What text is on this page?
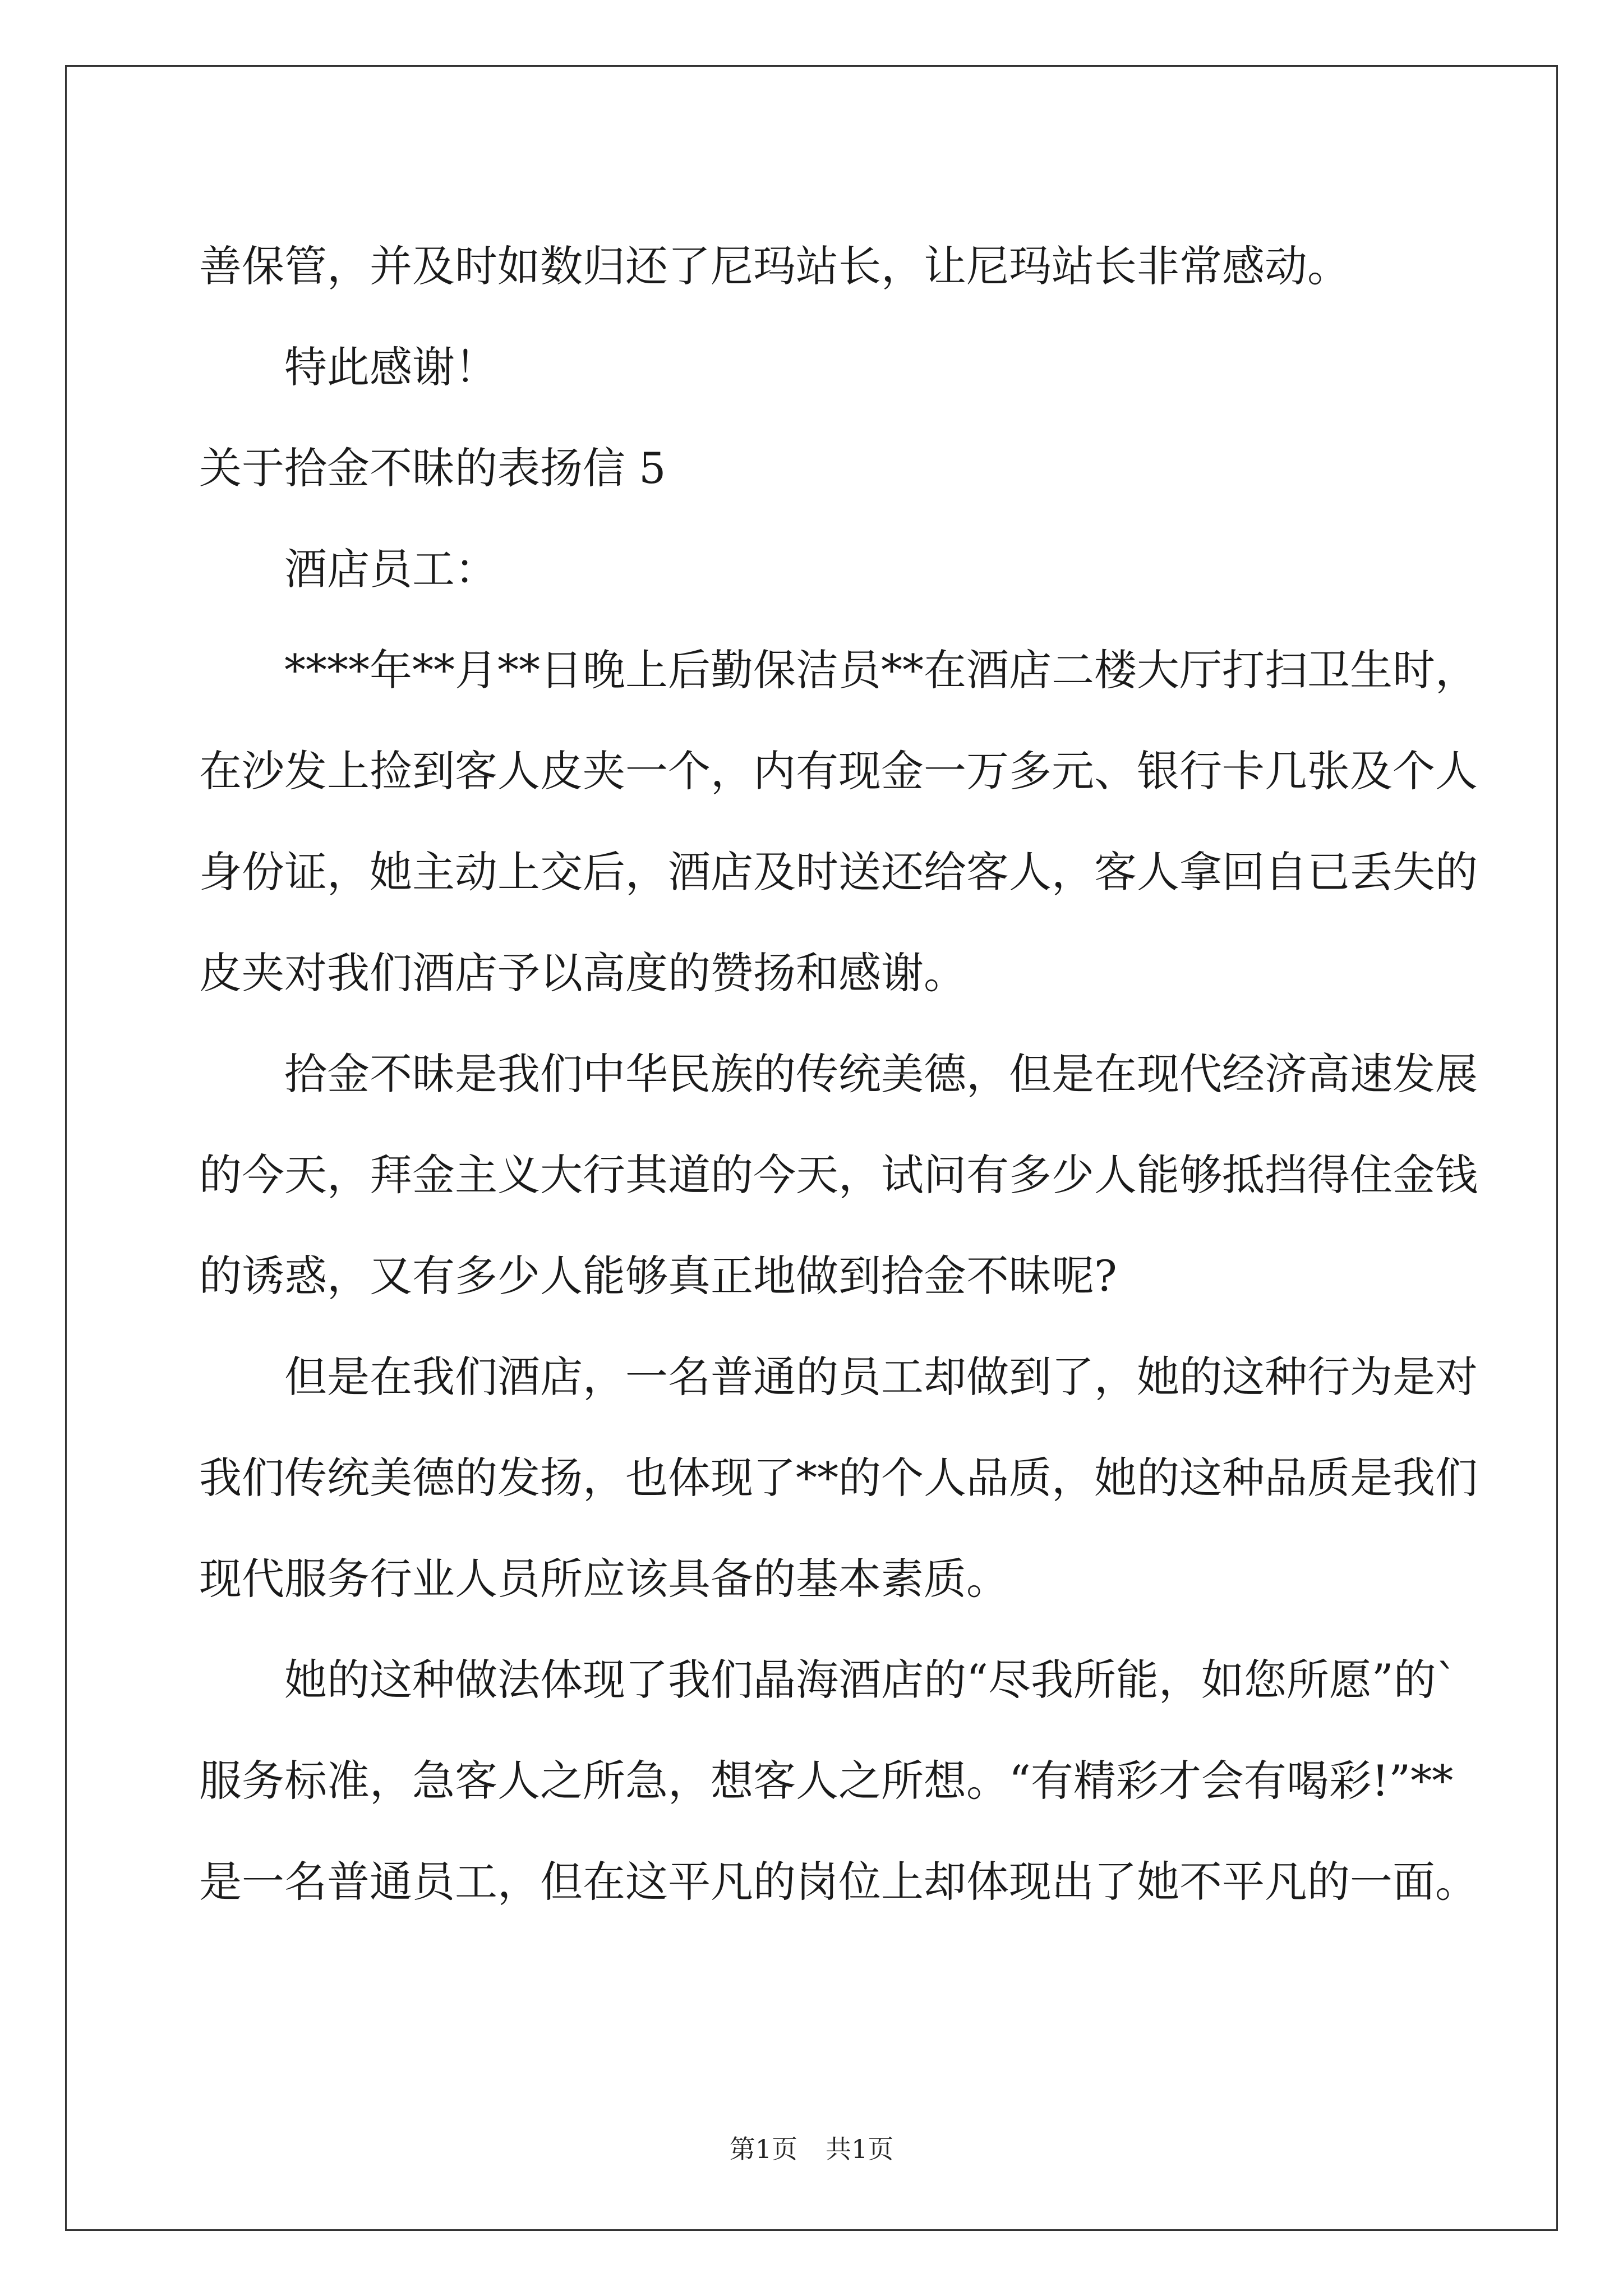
善保管，并及时如数归还了尼玛站长，让尼玛站长非常感动。

特此感谢！

关于拾金不昧的表扬信 5

酒店员工：

****年**月**日晚上后勤保洁员**在酒店二楼大厅打扫卫生时，

在沙发上捡到客人皮夹一个，内有现金一万多元、银行卡几张及个人

身份证，她主动上交后，酒店及时送还给客人，客人拿回自已丢失的

皮夹对我们酒店予以高度的赞扬和感谢。

拾金不昧是我们中华民族的传统美德，但是在现代经济高速发展

的今天，拜金主义大行其道的今天，试问有多少人能够抵挡得住金钱

的诱惑，又有多少人能够真正地做到拾金不昧呢?

但是在我们酒店，一名普通的员工却做到了，她的这种行为是对

我们传统美德的发扬，也体现了**的个人品质，她的这种品质是我们

现代服务行业人员所应该具备的基本素质。

她的这种做法体现了我们晶海酒店的“尽我所能，如您所愿”的`

服务标准，急客人之所急，想客人之所想。“有精彩才会有喝彩!”**

是一名普通员工，但在这平凡的岗位上却体现出了她不平凡的一面。

第1页 共1页
